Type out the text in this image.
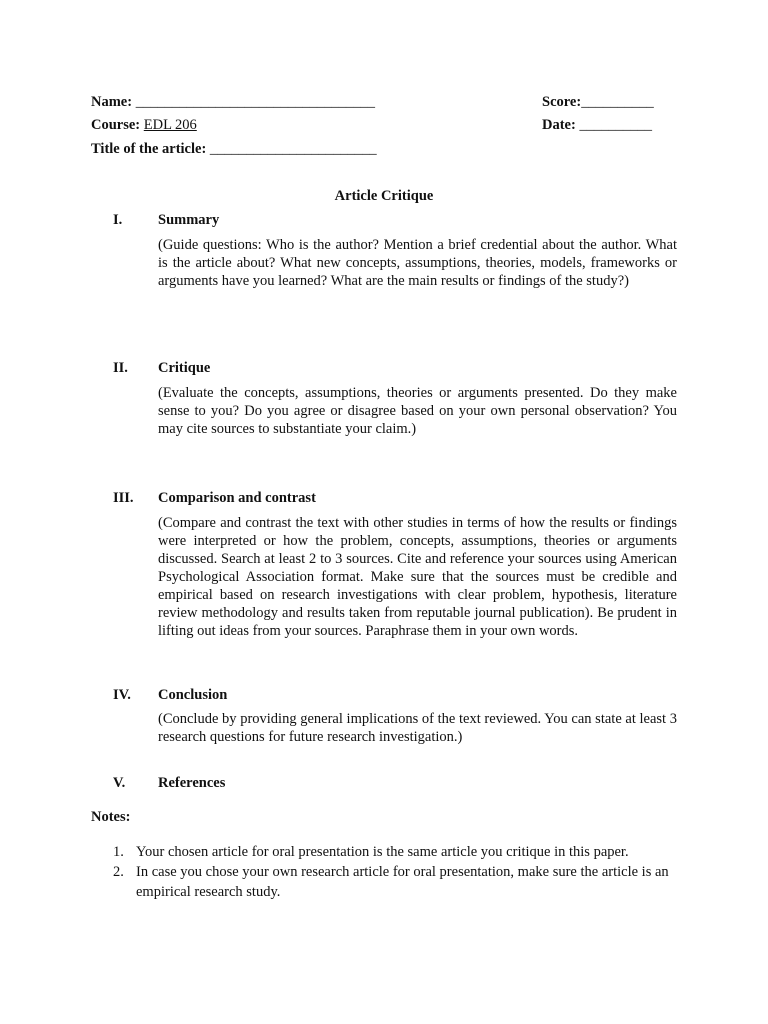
Name: _________________________________	Score:__________
Course: EDL 206	Date: __________
Title of the article: _______________________
Article Critique
I. Summary
(Guide questions: Who is the author? Mention a brief credential about the author. What is the article about? What new concepts, assumptions, theories, models, frameworks or arguments have you learned? What are the main results or findings of the study?)
II. Critique
(Evaluate the concepts, assumptions, theories or arguments presented. Do they make sense to you? Do you agree or disagree based on your own personal observation? You may cite sources to substantiate your claim.)
III. Comparison and contrast
(Compare and contrast the text with other studies in terms of how the results or findings were interpreted or how the problem, concepts, assumptions, theories or arguments discussed. Search at least 2 to 3 sources. Cite and reference your sources using American Psychological Association format. Make sure that the sources must be credible and empirical based on research investigations with clear problem, hypothesis, literature review methodology and results taken from reputable journal publication). Be prudent in lifting out ideas from your sources. Paraphrase them in your own words.
IV. Conclusion
(Conclude by providing general implications of the text reviewed. You can state at least 3 research questions for future research investigation.)
V. References
Notes:
1. Your chosen article for oral presentation is the same article you critique in this paper.
2. In case you chose your own research article for oral presentation, make sure the article is an empirical research study.
